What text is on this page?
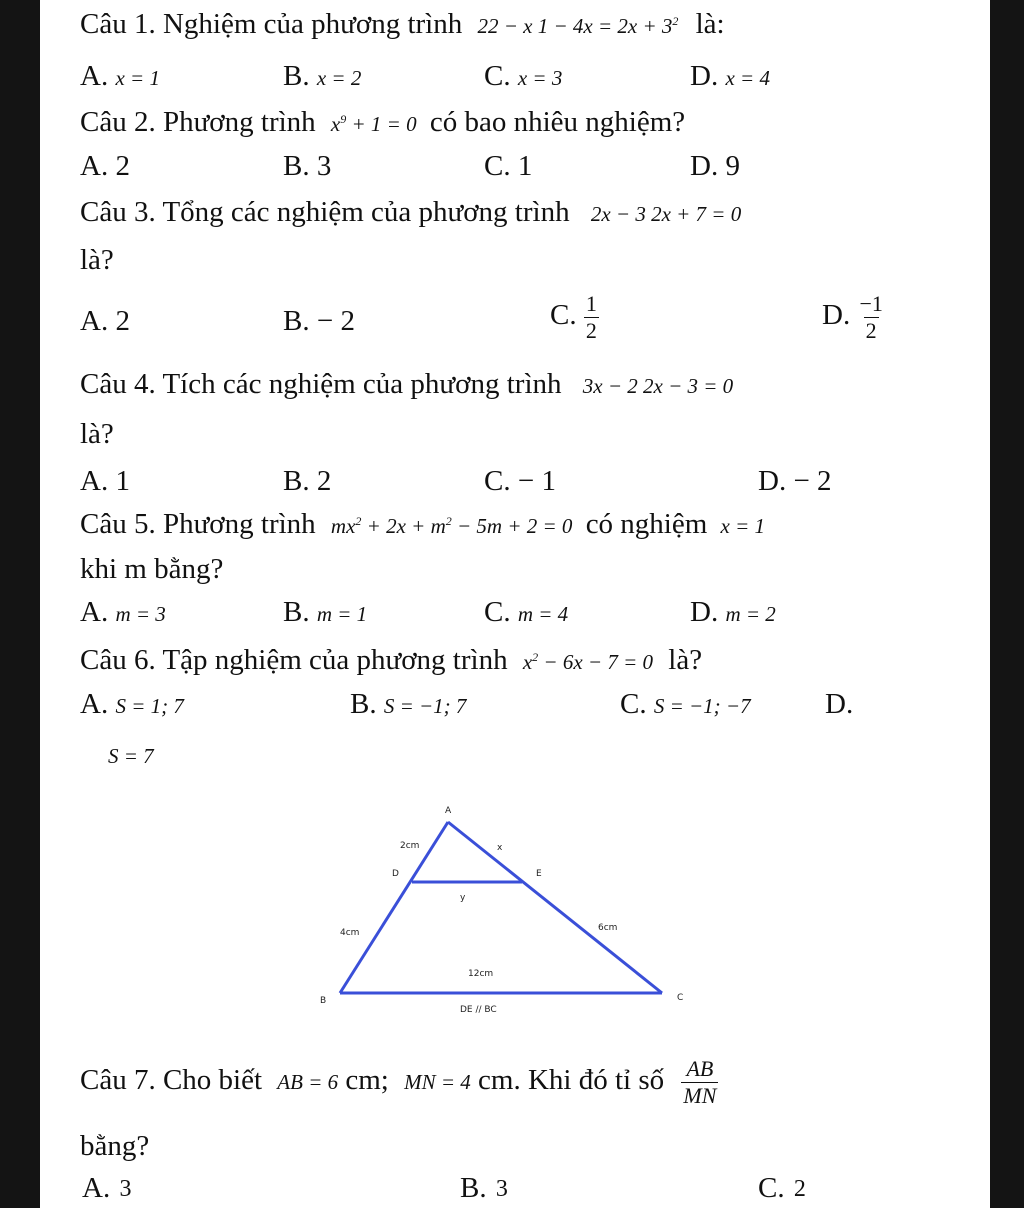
Câu 1. Nghiệm của phương trình 22 − x $1 - 4x = 2x + 3^2$ là:
A. x = 1	B. x = 2	C. x = 3	D. x = 4
Câu 2. Phương trình $x^9 + 1 = 0$ có bao nhiêu nghiệm?
A. 2	B. 3	C. 1	D. 9
Câu 3. Tổng các nghiệm của phương trình 2x − 3 2x + 7 = 0
là?
A. 2	B. − 2	C. $\frac{1}{2}$	D. $\frac{-1}{2}$
Câu 4. Tích các nghiệm của phương trình 3x − 2 2x − 3 = 0
là?
A. 1	B. 2	C. − 1	D. − 2
Câu 5. Phương trình $mx^2 + 2x + m^2 - 5m + 2 = 0$ có nghiệm x = 1
khi m bằng?
A. m = 3	B. m = 1	C. m = 4	D. m = 2
Câu 6. Tập nghiệm của phương trình $x^2 - 6x - 7 = 0$ là?
A. S = 1; 7	B. S = −1; 7	C. S = −1; −7	D.
S = 7
A
2cm	x
D	E
y
4cm	6cm
12cm
B	C
DE // BC
Câu 7. Cho biết AB = 6 cm; MN = 4 cm. Khi đó tỉ số $\frac{AB}{MN}$
bằng?
A. 3	B. 3	C. 2
